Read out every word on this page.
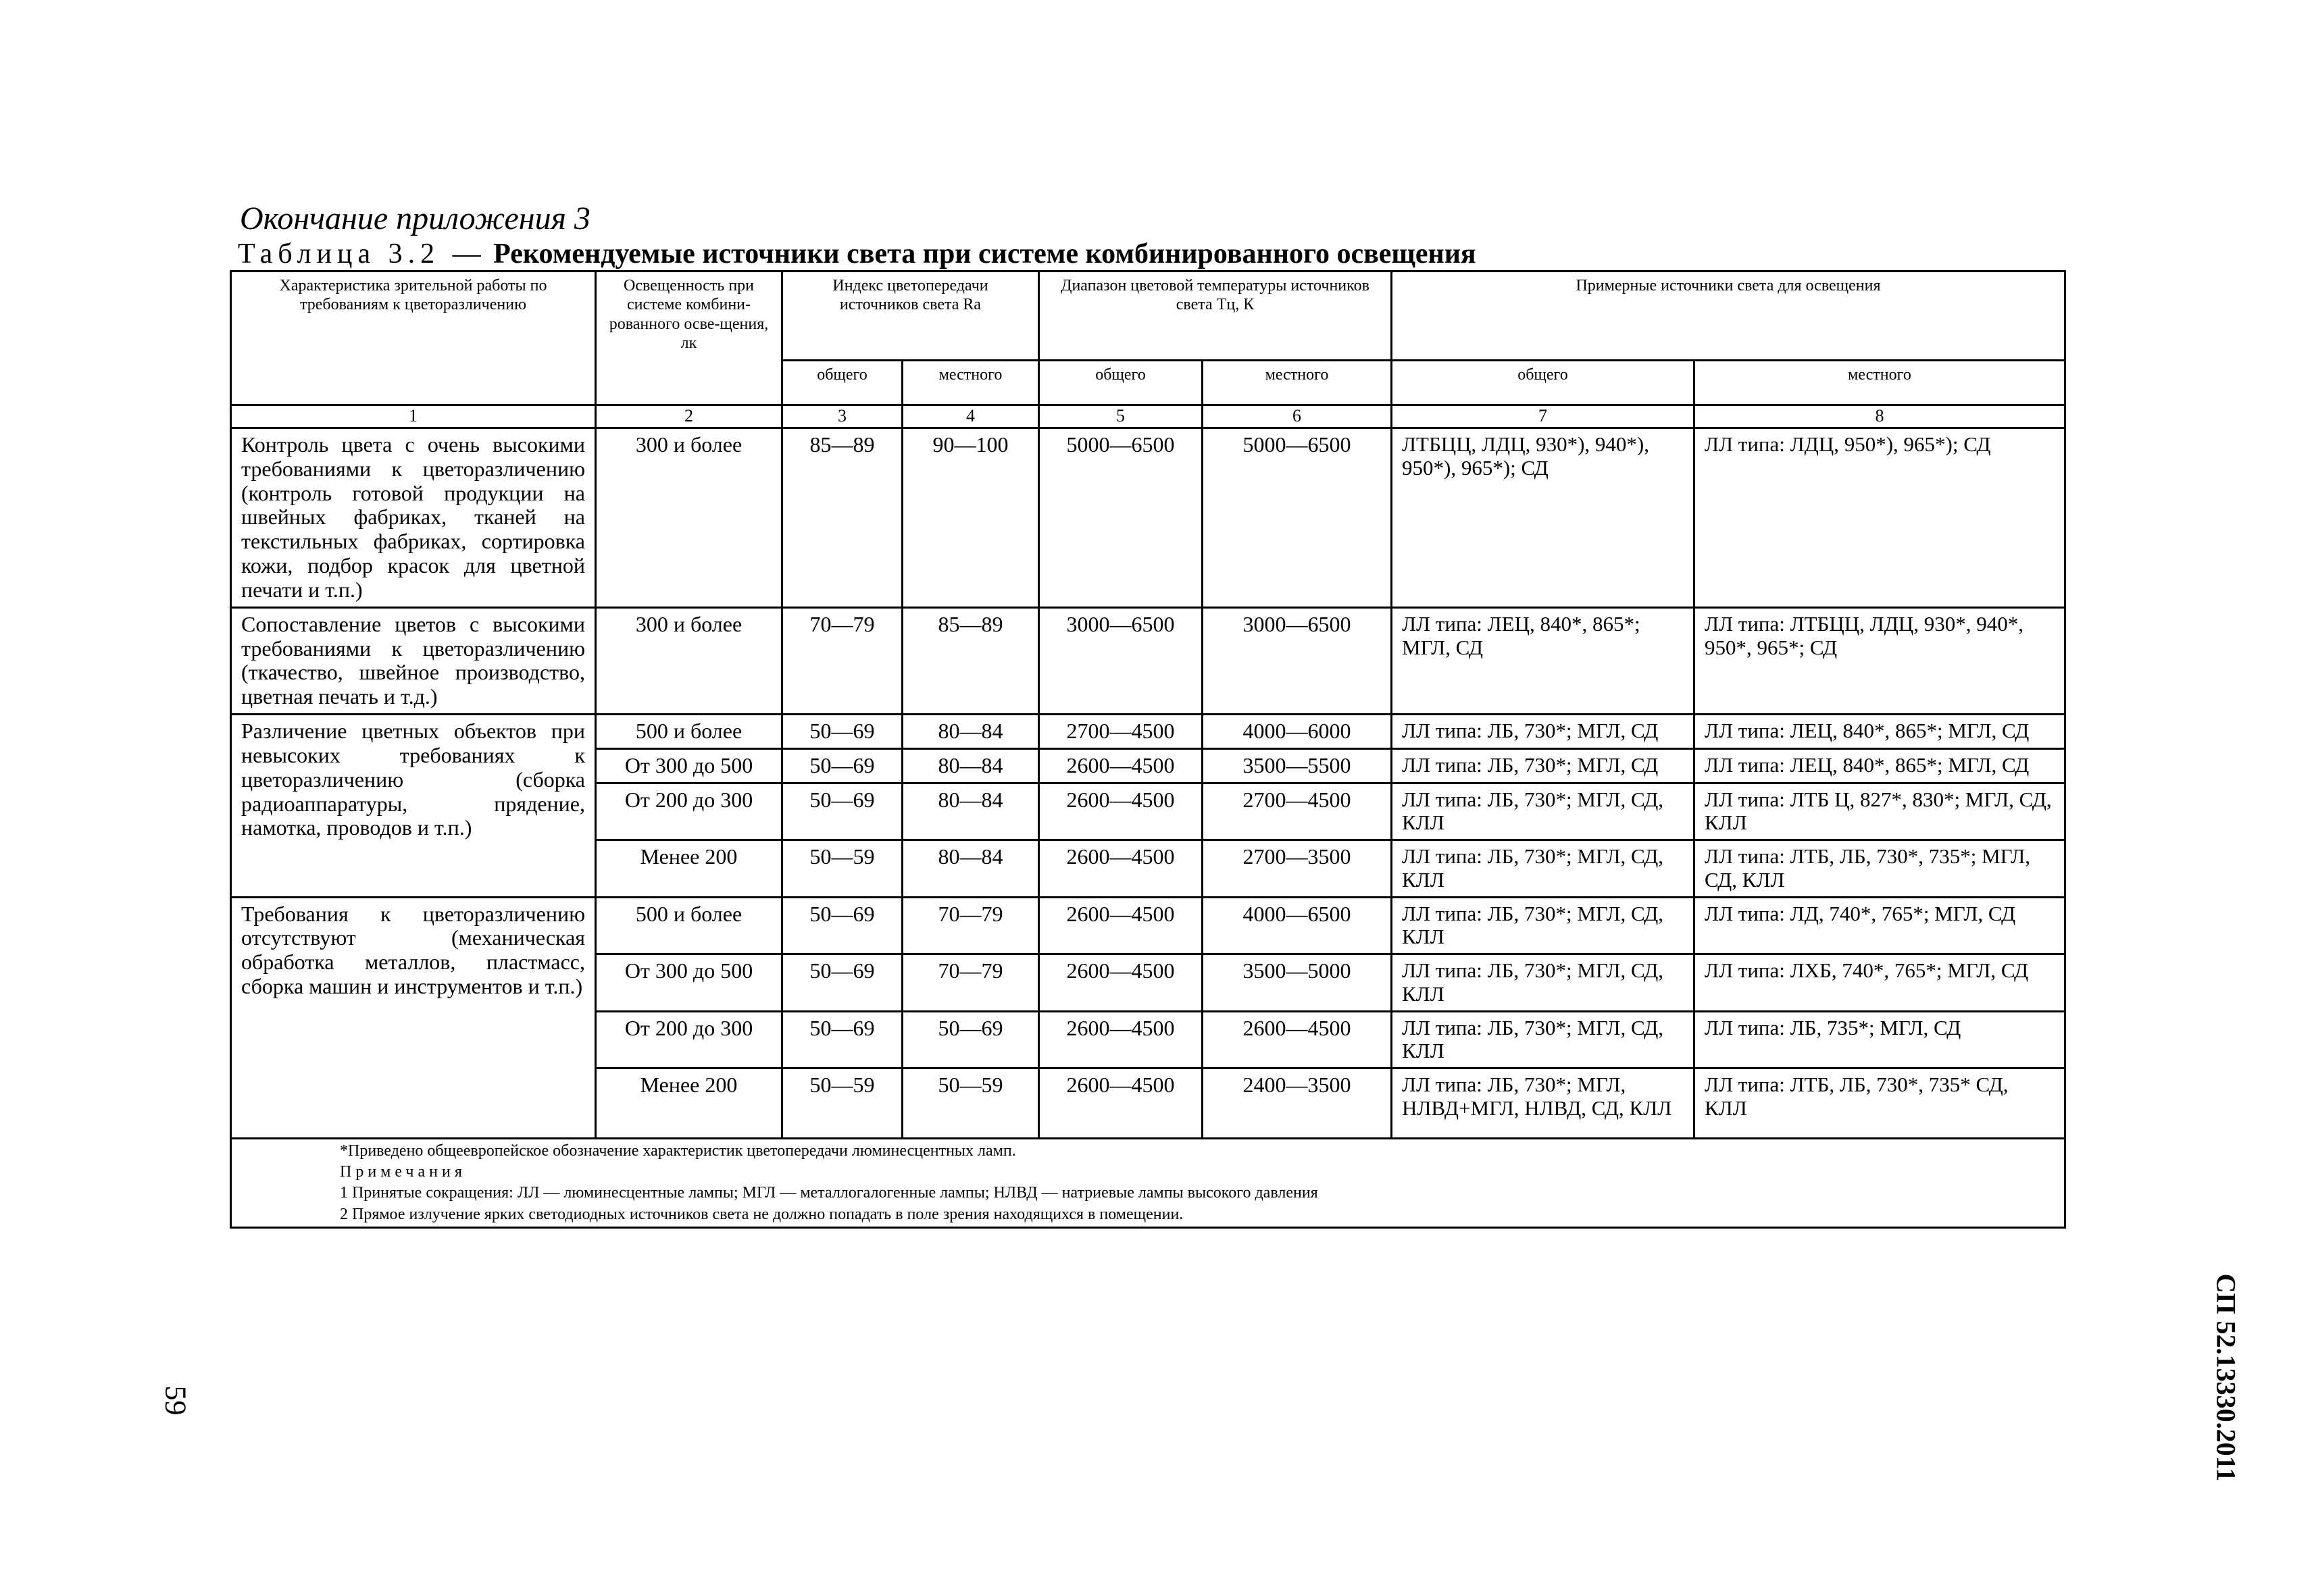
Окончание приложения 3
Таблица 3.2 — Рекомендуемые источники света при системе комбинированного освещения
Характеристика зрительной работы по требованиям к цветоразличению	Освещенность при системе комбини-рованного осве-щения, лк	Индекс цветопередачи источников света Ra		Диапазон цветовой температуры источников света Тц, К		Примерные источники света для освещения	
		общего	местного	общего	местного	общего	местного
1	2	3	4	5	6	7	8
Контроль цвета с очень высокими требованиями к цветоразличению (контроль готовой продукции на швейных фабриках, тканей на текстильных фабриках, сортировка кожи, подбор красок для цветной печати и т.п.)	300 и более	85—89	90—100	5000—6500	5000—6500	ЛТБЦЦ, ЛДЦ, 930*), 940*), 950*), 965*); СД	ЛЛ типа: ЛДЦ, 950*), 965*); СД
Сопоставление цветов с высокими требованиями к цветоразличению (ткачество, швейное производство, цветная печать и т.д.)	300 и более	70—79	85—89	3000—6500	3000—6500	ЛЛ типа: ЛЕЦ, 840*, 865*; МГЛ, СД	ЛЛ типа: ЛТБЦЦ, ЛДЦ, 930*, 940*, 950*, 965*; СД
Различение цветных объектов при невысоких требованиях к цветоразличению (сборка радиоаппаратуры, прядение, намотка, проводов и т.п.)	500 и более	50—69	80—84	2700—4500	4000—6000	ЛЛ типа: ЛБ, 730*; МГЛ, СД	ЛЛ типа: ЛЕЦ, 840*, 865*; МГЛ, СД
	От 300 до 500	50—69	80—84	2600—4500	3500—5500	ЛЛ типа: ЛБ, 730*; МГЛ, СД	ЛЛ типа: ЛЕЦ, 840*, 865*; МГЛ, СД
	От 200 до 300	50—69	80—84	2600—4500	2700—4500	ЛЛ типа: ЛБ, 730*; МГЛ, СД, КЛЛ	ЛЛ типа: ЛТБ Ц, 827*, 830*; МГЛ, СД, КЛЛ
	Менее 200	50—59	80—84	2600—4500	2700—3500	ЛЛ типа: ЛБ, 730*; МГЛ, СД, КЛЛ	ЛЛ типа: ЛТБ, ЛБ, 730*, 735*; МГЛ, СД, КЛЛ
Требования к цветоразличению отсутствуют (механическая обработка металлов, пластмасс, сборка машин и инструментов и т.п.)	500 и более	50—69	70—79	2600—4500	4000—6500	ЛЛ типа: ЛБ, 730*; МГЛ, СД, КЛЛ	ЛЛ типа: ЛД, 740*, 765*; МГЛ, СД
	От 300 до 500	50—69	70—79	2600—4500	3500—5000	ЛЛ типа: ЛБ, 730*; МГЛ, СД, КЛЛ	ЛЛ типа: ЛХБ, 740*, 765*; МГЛ, СД
	От 200 до 300	50—69	50—69	2600—4500	2600—4500	ЛЛ типа: ЛБ, 730*; МГЛ, СД, КЛЛ	ЛЛ типа: ЛБ, 735*; МГЛ, СД
	Менее 200	50—59	50—59	2600—4500	2400—3500	ЛЛ типа: ЛБ, 730*; МГЛ, НЛВД+МГЛ, НЛВД, СД, КЛЛ	ЛЛ типа: ЛТБ, ЛБ, 730*, 735* СД, КЛЛ

*Приведено общеевропейское обозначение характеристик цветопередачи люминесцентных ламп.
Примечания
1 Принятые сокращения: ЛЛ — люминесцентные лампы; МГЛ — металлогалогенные лампы; НЛВД — натриевые лампы высокого давления
2 Прямое излучение ярких светодиодных источников света не должно попадать в поле зрения находящихся в помещении.							
СП 52.13330.2011
59
